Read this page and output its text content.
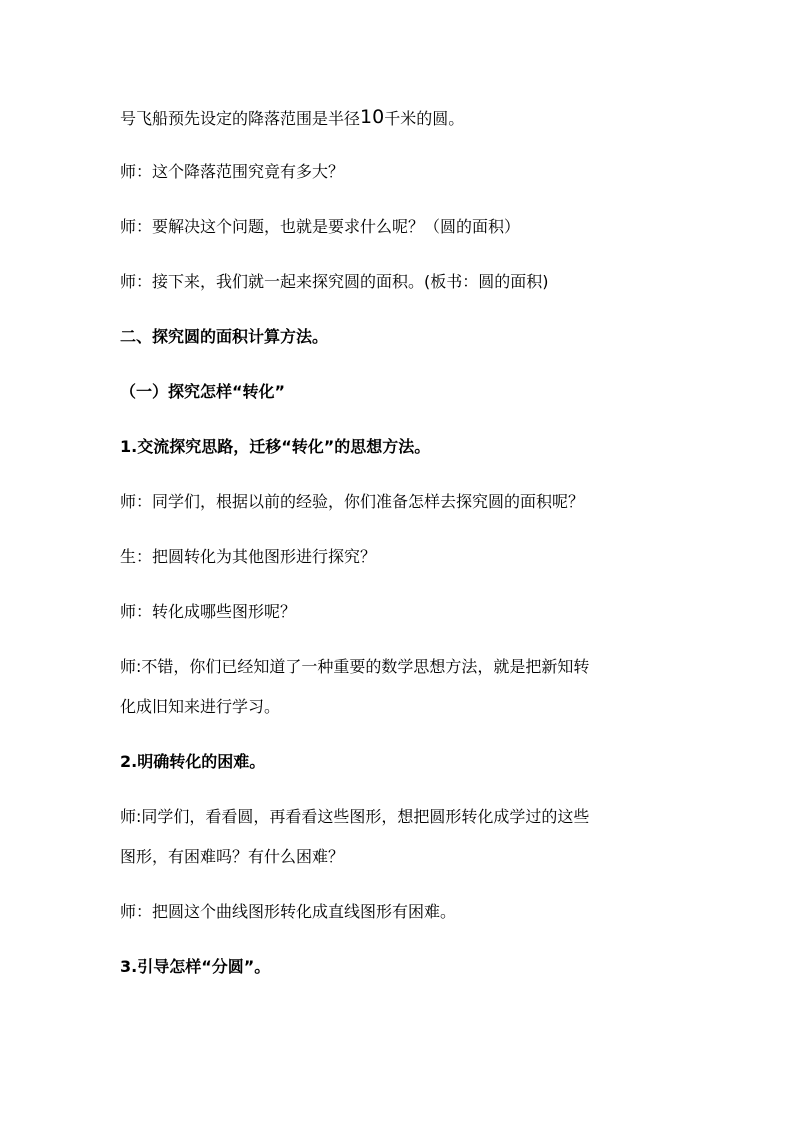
号飞船预先设定的降落范围是半径10千米的圆。
师：这个降落范围究竟有多大？
师：要解决这个问题，也就是要求什么呢？（圆的面积）
师：接下来，我们就一起来探究圆的面积。(板书：圆的面积)
二、探究圆的面积计算方法。
（一）探究怎样“转化”
1.交流探究思路，迁移“转化”的思想方法。
师：同学们，根据以前的经验，你们准备怎样去探究圆的面积呢？
生：把圆转化为其他图形进行探究？
师：转化成哪些图形呢？
师:不错，你们已经知道了一种重要的数学思想方法，就是把新知转
化成旧知来进行学习。
2.明确转化的困难。
师:同学们，看看圆，再看看这些图形，想把圆形转化成学过的这些
图形，有困难吗？有什么困难？
师：把圆这个曲线图形转化成直线图形有困难。
3.引导怎样“分圆”。
